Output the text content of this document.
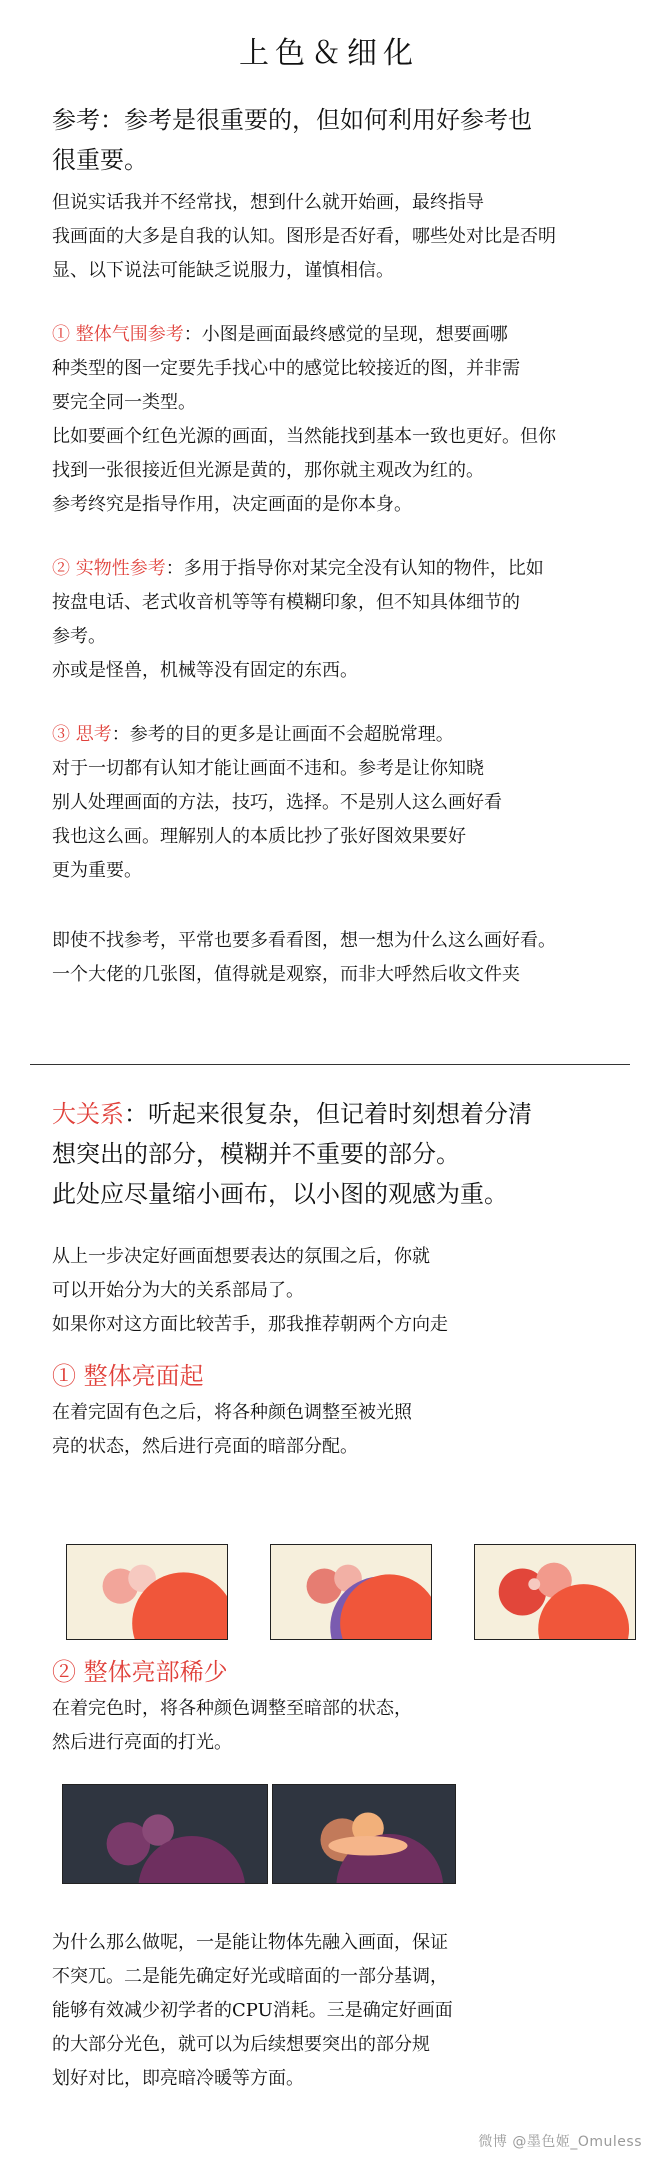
上色＆细化
参考：参考是很重要的，但如何利用好参考也
很重要。
但说实话我并不经常找，想到什么就开始画，最终指导
我画面的大多是自我的认知。图形是否好看，哪些处对比是否明
显、以下说法可能缺乏说服力，谨慎相信。
① 整体气围参考：小图是画面最终感觉的呈现，想要画哪
种类型的图一定要先手找心中的感觉比较接近的图，并非需
要完全同一类型。
比如要画个红色光源的画面，当然能找到基本一致也更好。但你
找到一张很接近但光源是黄的，那你就主观改为红的。
参考终究是指导作用，决定画面的是你本身。
② 实物性参考：多用于指导你对某完全没有认知的物件，比如
按盘电话、老式收音机等等有模糊印象，但不知具体细节的
参考。
亦或是怪兽，机械等没有固定的东西。
③ 思考：参考的目的更多是让画面不会超脱常理。
对于一切都有认知才能让画面不违和。参考是让你知晓
别人处理画面的方法，技巧，选择。不是别人这么画好看
我也这么画。理解别人的本质比抄了张好图效果要好
更为重要。
即使不找参考，平常也要多看看图，想一想为什么这么画好看。
一个大佬的几张图，值得就是观察，而非大呼然后收文件夹
大关系：听起来很复杂，但记着时刻想着分清
想突出的部分，模糊并不重要的部分。
此处应尽量缩小画布，以小图的观感为重。
从上一步决定好画面想要表达的氛围之后，你就
可以开始分为大的关系部局了。
如果你对这方面比较苦手，那我推荐朝两个方向走
① 整体亮面起
在着完固有色之后，将各种颜色调整至被光照
亮的状态，然后进行亮面的暗部分配。
② 整体亮部稀少
在着完色时，将各种颜色调整至暗部的状态，
然后进行亮面的打光。
为什么那么做呢，一是能让物体先融入画面，保证
不突兀。二是能先确定好光或暗面的一部分基调，
能够有效减少初学者的CPU消耗。三是确定好画面
的大部分光色，就可以为后续想要突出的部分规
划好对比，即亮暗冷暖等方面。
微博 @墨色姬_Omuless
